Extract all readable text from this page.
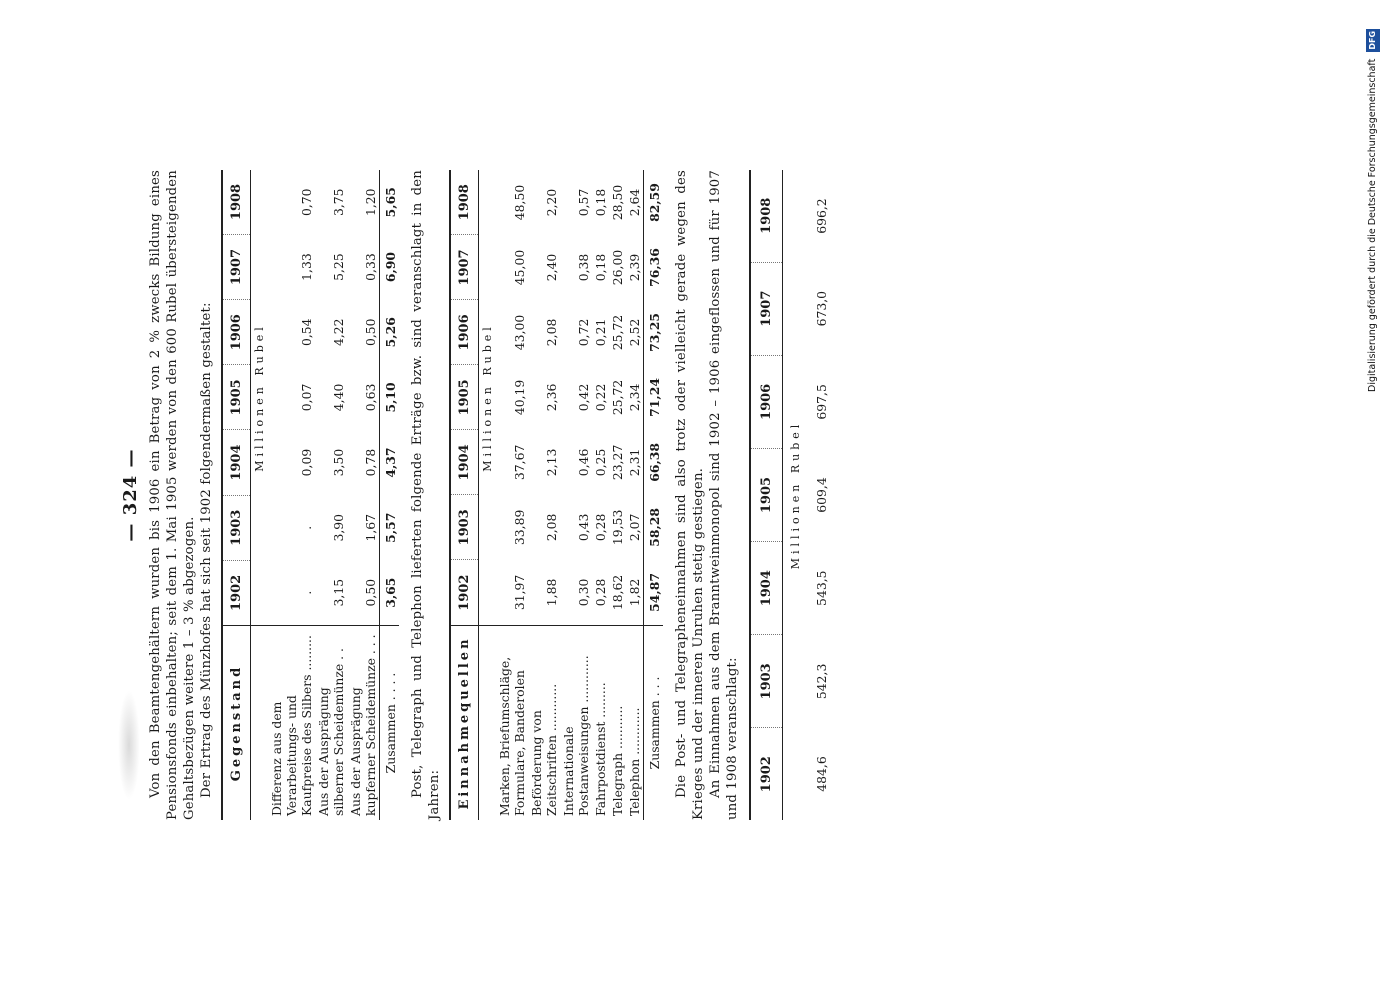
— 324 — Von den Beamtengehältern wurden bis 1906 ein Betrag von 2 % zwecks Bildung eines Pensionsfonds einbehalten; seit dem 1. Mai 1905 werden von den 600 Rubel übersteigenden Gehaltsbezügen weitere 1 – 3 % abgezogen. Der Ertrag des Münzhofes hat sich seit 1902 folgendermaßen gestaltet: Gegenstand	1902	1903	1904	1905	1906	1907	1908
	Millionen Rubel						
Differenz aus dem Verarbeitungs- und Kaufpreise des Silbers .........	.	.	0,09	0,07	0,54	1,33	0,70
Aus der Ausprägung silberner Scheidemünze . .	3,15	3,90	3,50	4,40	4,22	5,25	3,75
Aus der Ausprägung kupferner Scheidemünze . . .	0,50	1,67	0,78	0,63	0,50	0,33	1,20
Zusammen . . . .	3,65	5,57	4,37	5,10	5,26	6,90	5,65 Post, Telegraph und Telephon lieferten folgende Erträge bzw. sind veranschlagt in den Jahren: Einnahmequellen	1902	1903	1904	1905	1906	1907	1908
	Millionen Rubel						
Marken, Briefumschläge, Formulare, Banderolen	31,97	33,89	37,67	40,19	43,00	45,00	48,50
Beförderung von Zeitschriften ............	1,88	2,08	2,13	2,36	2,08	2,40	2,20
Internationale Postanweisungen ............	0,30	0,43	0,46	0,42	0,72	0,38	0,57
Fahrpostdienst .........	0,28	0,28	0,25	0,22	0,21	0,18	0,18
Telegraph ...........	18,62	19,53	23,27	25,72	25,72	26,00	28,50
Telephon ............	1,82	2,07	2,31	2,34	2,52	2,39	2,64
Zusammen . . .	54,87	58,28	66,38	71,24	73,25	76,36	82,59 Die Post- und Telegrapheneinnahmen sind also trotz oder vielleicht gerade wegen des Krieges und der inneren Unruhen stetig gestiegen. An Einnahmen aus dem Branntweinmonopol sind 1902 – 1906 eingeflossen und für 1907 und 1908 veranschlagt: 1902	1903	1904	1905	1906	1907	1908
Millionen Rubel						
484,6	542,3	543,5	609,4	697,5	673,0	696,2	Digitalisierung gefördert durch die Deutsche Forschungsgemeinschaft DFG
